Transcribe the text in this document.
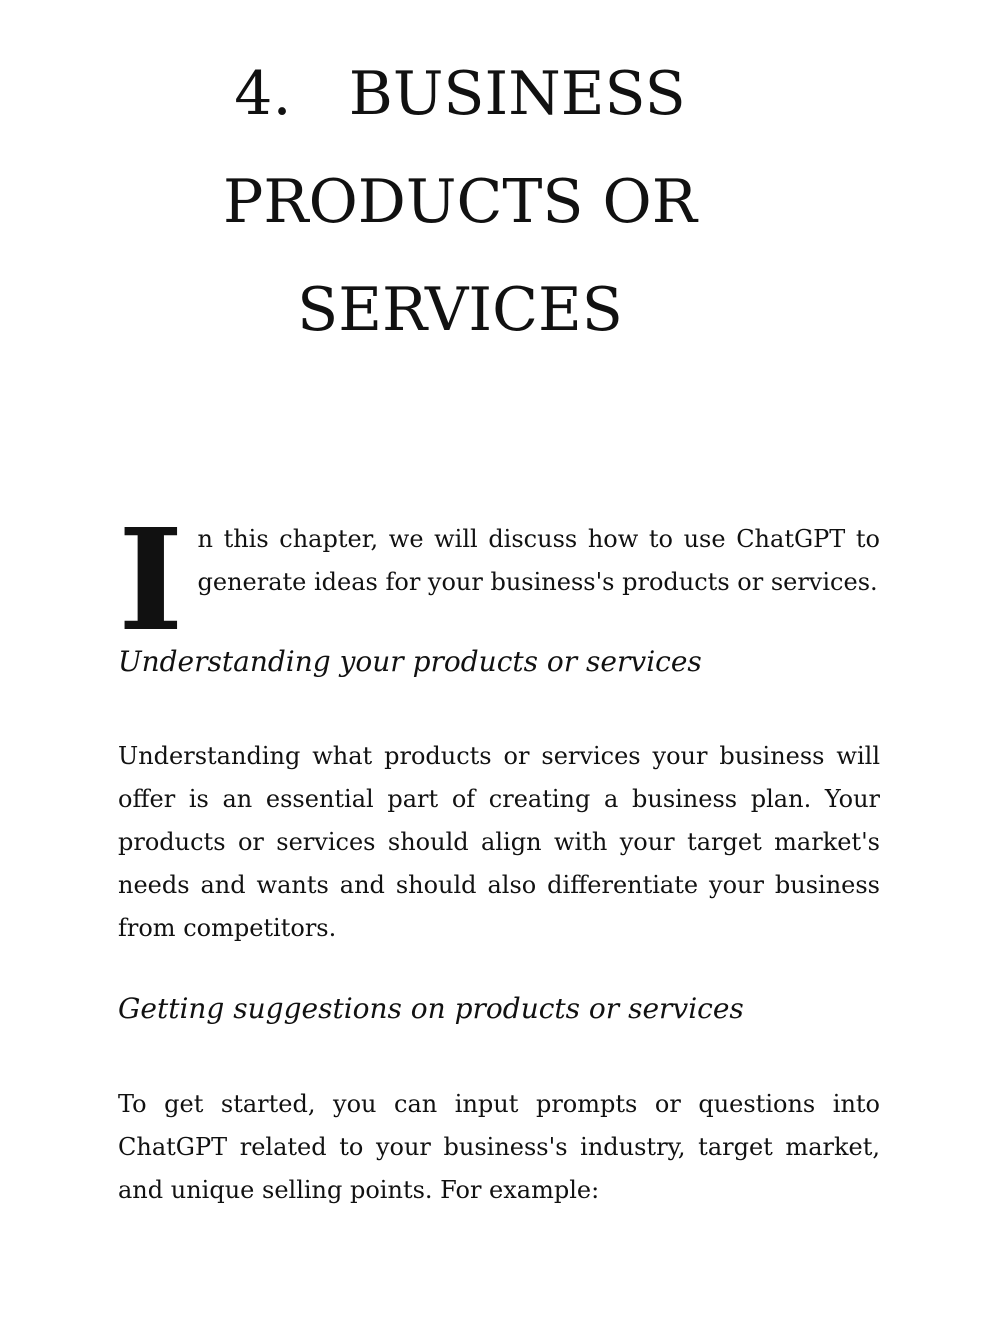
4.   BUSINESS
PRODUCTS OR
SERVICES
I n this chapter, we will discuss how to use ChatGPT to generate ideas for your business's products or services.

Understanding your products or services

Understanding what products or services your business will offer is an essential part of creating a business plan. Your products or services should align with your target market's needs and wants and should also differentiate your business from competitors.

Getting suggestions on products or services

To get started, you can input prompts or questions into ChatGPT related to your business's industry, target market, and unique selling points. For example:
